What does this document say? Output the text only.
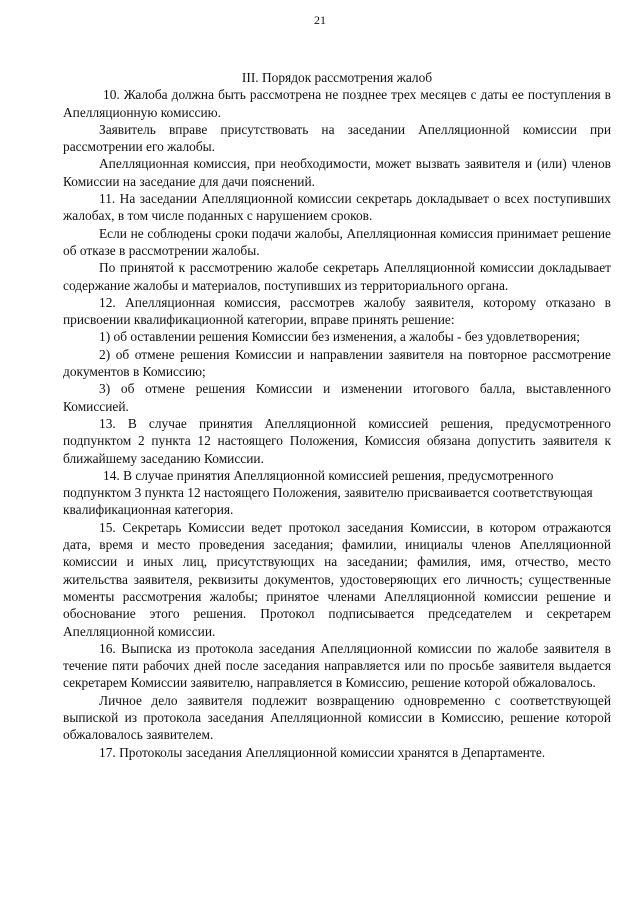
21
III. Порядок рассмотрения жалоб

10. Жалоба должна быть рассмотрена не позднее трех месяцев с даты ее поступления в Апелляционную комиссию.

Заявитель вправе присутствовать на заседании Апелляционной комиссии при рассмотрении его жалобы.

Апелляционная комиссия, при необходимости, может вызвать заявителя и (или) членов Комиссии на заседание для дачи пояснений.

11. На заседании Апелляционной комиссии секретарь докладывает о всех поступивших жалобах, в том числе поданных с нарушением сроков.

Если не соблюдены сроки подачи жалобы, Апелляционная комиссия принимает решение об отказе в рассмотрении жалобы.

По принятой к рассмотрению жалобе секретарь Апелляционной комиссии докладывает содержание жалобы и материалов, поступивших из территориального органа.

12. Апелляционная комиссия, рассмотрев жалобу заявителя, которому отказано в присвоении квалификационной категории, вправе принять решение:

1) об оставлении решения Комиссии без изменения, а жалобы - без удовлетворения;

2) об отмене решения Комиссии и направлении заявителя на повторное рассмотрение документов в Комиссию;

3) об отмене решения Комиссии и изменении итогового балла, выставленного Комиссией.

13. В случае принятия Апелляционной комиссией решения, предусмотренного подпунктом 2 пункта 12 настоящего Положения, Комиссия обязана допустить заявителя к ближайшему заседанию Комиссии.

14. В случае принятия Апелляционной комиссией решения, предусмотренного подпунктом 3 пункта 12 настоящего Положения, заявителю присваивается соответствующая квалификационная категория.

15. Секретарь Комиссии ведет протокол заседания Комиссии, в котором отражаются дата, время и место проведения заседания; фамилии, инициалы членов Апелляционной комиссии и иных лиц, присутствующих на заседании; фамилия, имя, отчество, место жительства заявителя, реквизиты документов, удостоверяющих его личность; существенные моменты рассмотрения жалобы; принятое членами Апелляционной комиссии решение и обоснование этого решения. Протокол подписывается председателем и секретарем Апелляционной комиссии.

16. Выписка из протокола заседания Апелляционной комиссии по жалобе заявителя в течение пяти рабочих дней после заседания направляется или по просьбе заявителя выдается секретарем Комиссии заявителю, направляется в Комиссию, решение которой обжаловалось.

Личное дело заявителя подлежит возвращению одновременно с соответствующей выпиской из протокола заседания Апелляционной комиссии в Комиссию, решение которой обжаловалось заявителем.

17. Протоколы заседания Апелляционной комиссии хранятся в Департаменте.
